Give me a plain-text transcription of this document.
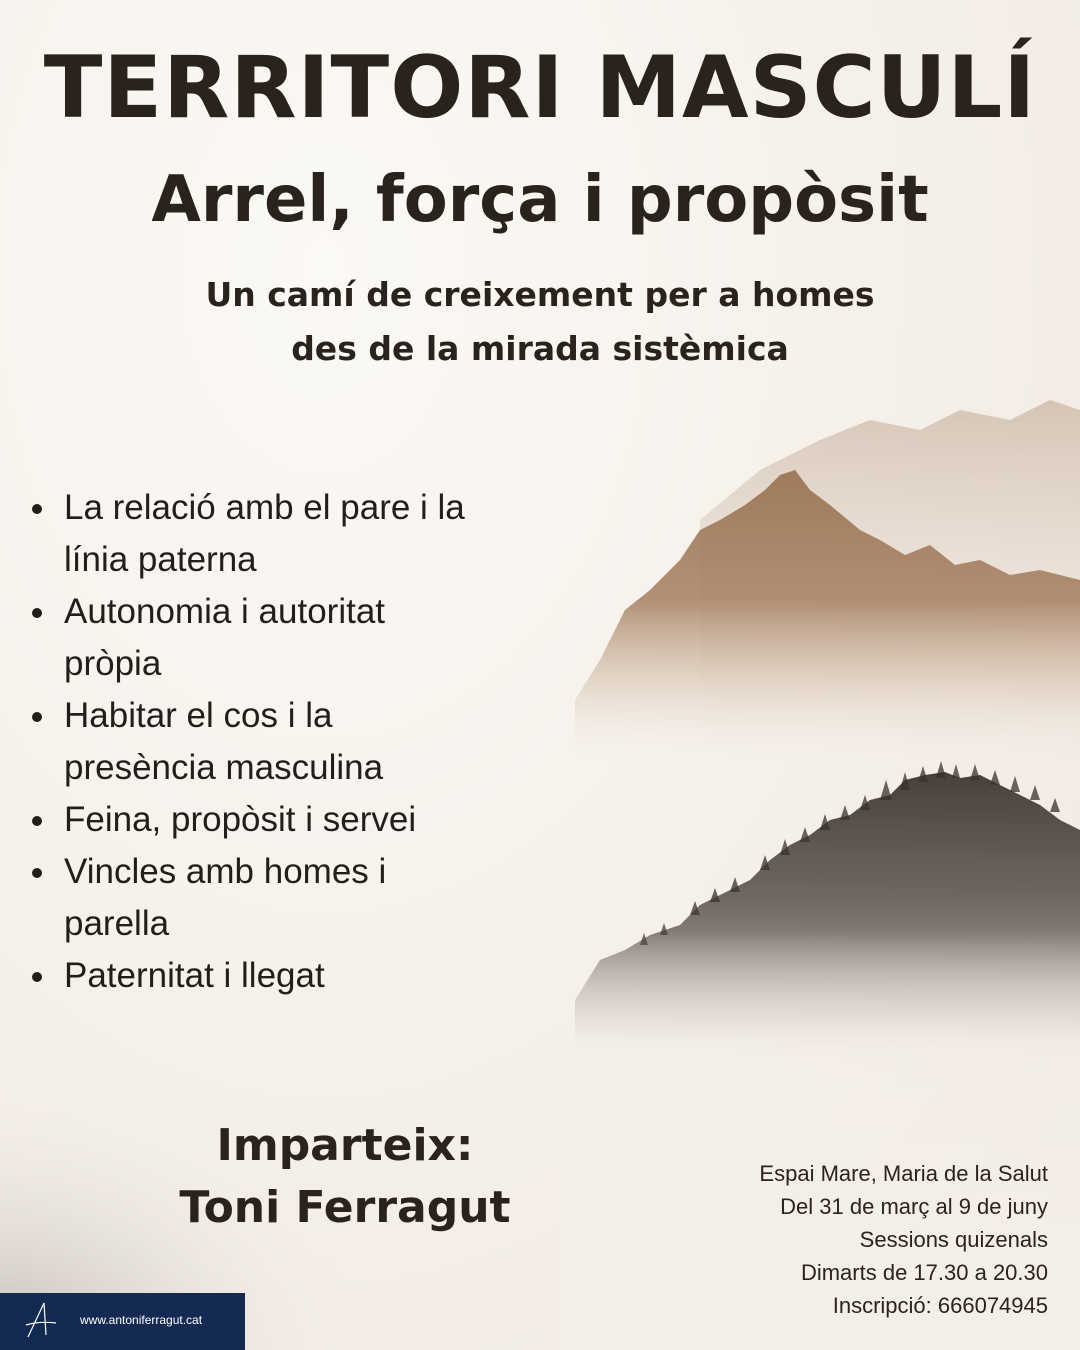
TERRITORI MASCULÍ
Arrel, força i propòsit
Un camí de creixement per a homes
des de la mirada sistèmica
La relació amb el pare i la
línia paterna
Autonomia i autoritat
pròpia
Habitar el cos i la
presència masculina
Feina, propòsit i servei
Vincles amb homes i
parella
Paternitat i llegat
Imparteix:
Toni Ferragut
Espai Mare, Maria de la Salut
Del 31 de març al 9 de juny
Sessions quizenals
Dimarts de 17.30 a 20.30
Inscripció: 666074945
www.antoniferragut.cat
